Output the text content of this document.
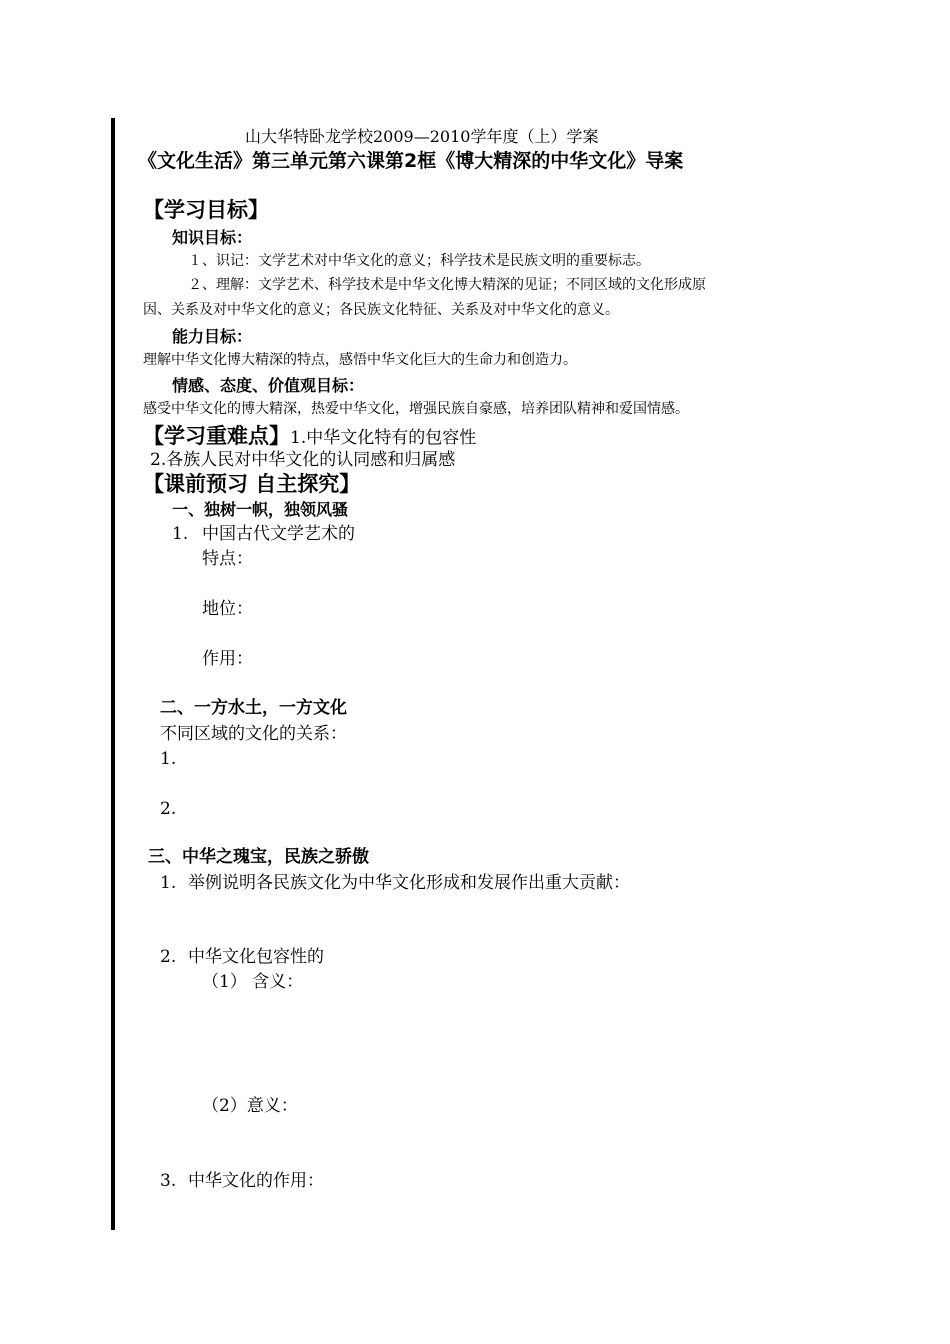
山大华特卧龙学校2009—2010学年度（上）学案
《文化生活》第三单元第六课第2框《博大精深的中华文化》导案
【学习目标】
知识目标：
１、识记：文学艺术对中华文化的意义；科学技术是民族文明的重要标志。
２、理解：文学艺术、科学技术是中华文化博大精深的见证；不同区域的文化形成原
因、关系及对中华文化的意义；各民族文化特征、关系及对中华文化的意义。
能力目标：
理解中华文化博大精深的特点，感悟中华文化巨大的生命力和创造力。
情感、态度、价值观目标：
感受中华文化的博大精深，热爱中华文化，增强民族自豪感，培养团队精神和爱国情感。
【学习重难点】1.中华文化特有的包容性
2.各族人民对中华文化的认同感和归属感
【课前预习 自主探究】
一、独树一帜，独领风骚
1. 中国古代文学艺术的
特点：
地位：
作用：
二、一方水土，一方文化
不同区域的文化的关系：
1.
2.
三、中华之瑰宝，民族之骄傲
1. 举例说明各民族文化为中华文化形成和发展作出重大贡献：
2. 中华文化包容性的
（1） 含义：
（2）意义：
3. 中华文化的作用：
